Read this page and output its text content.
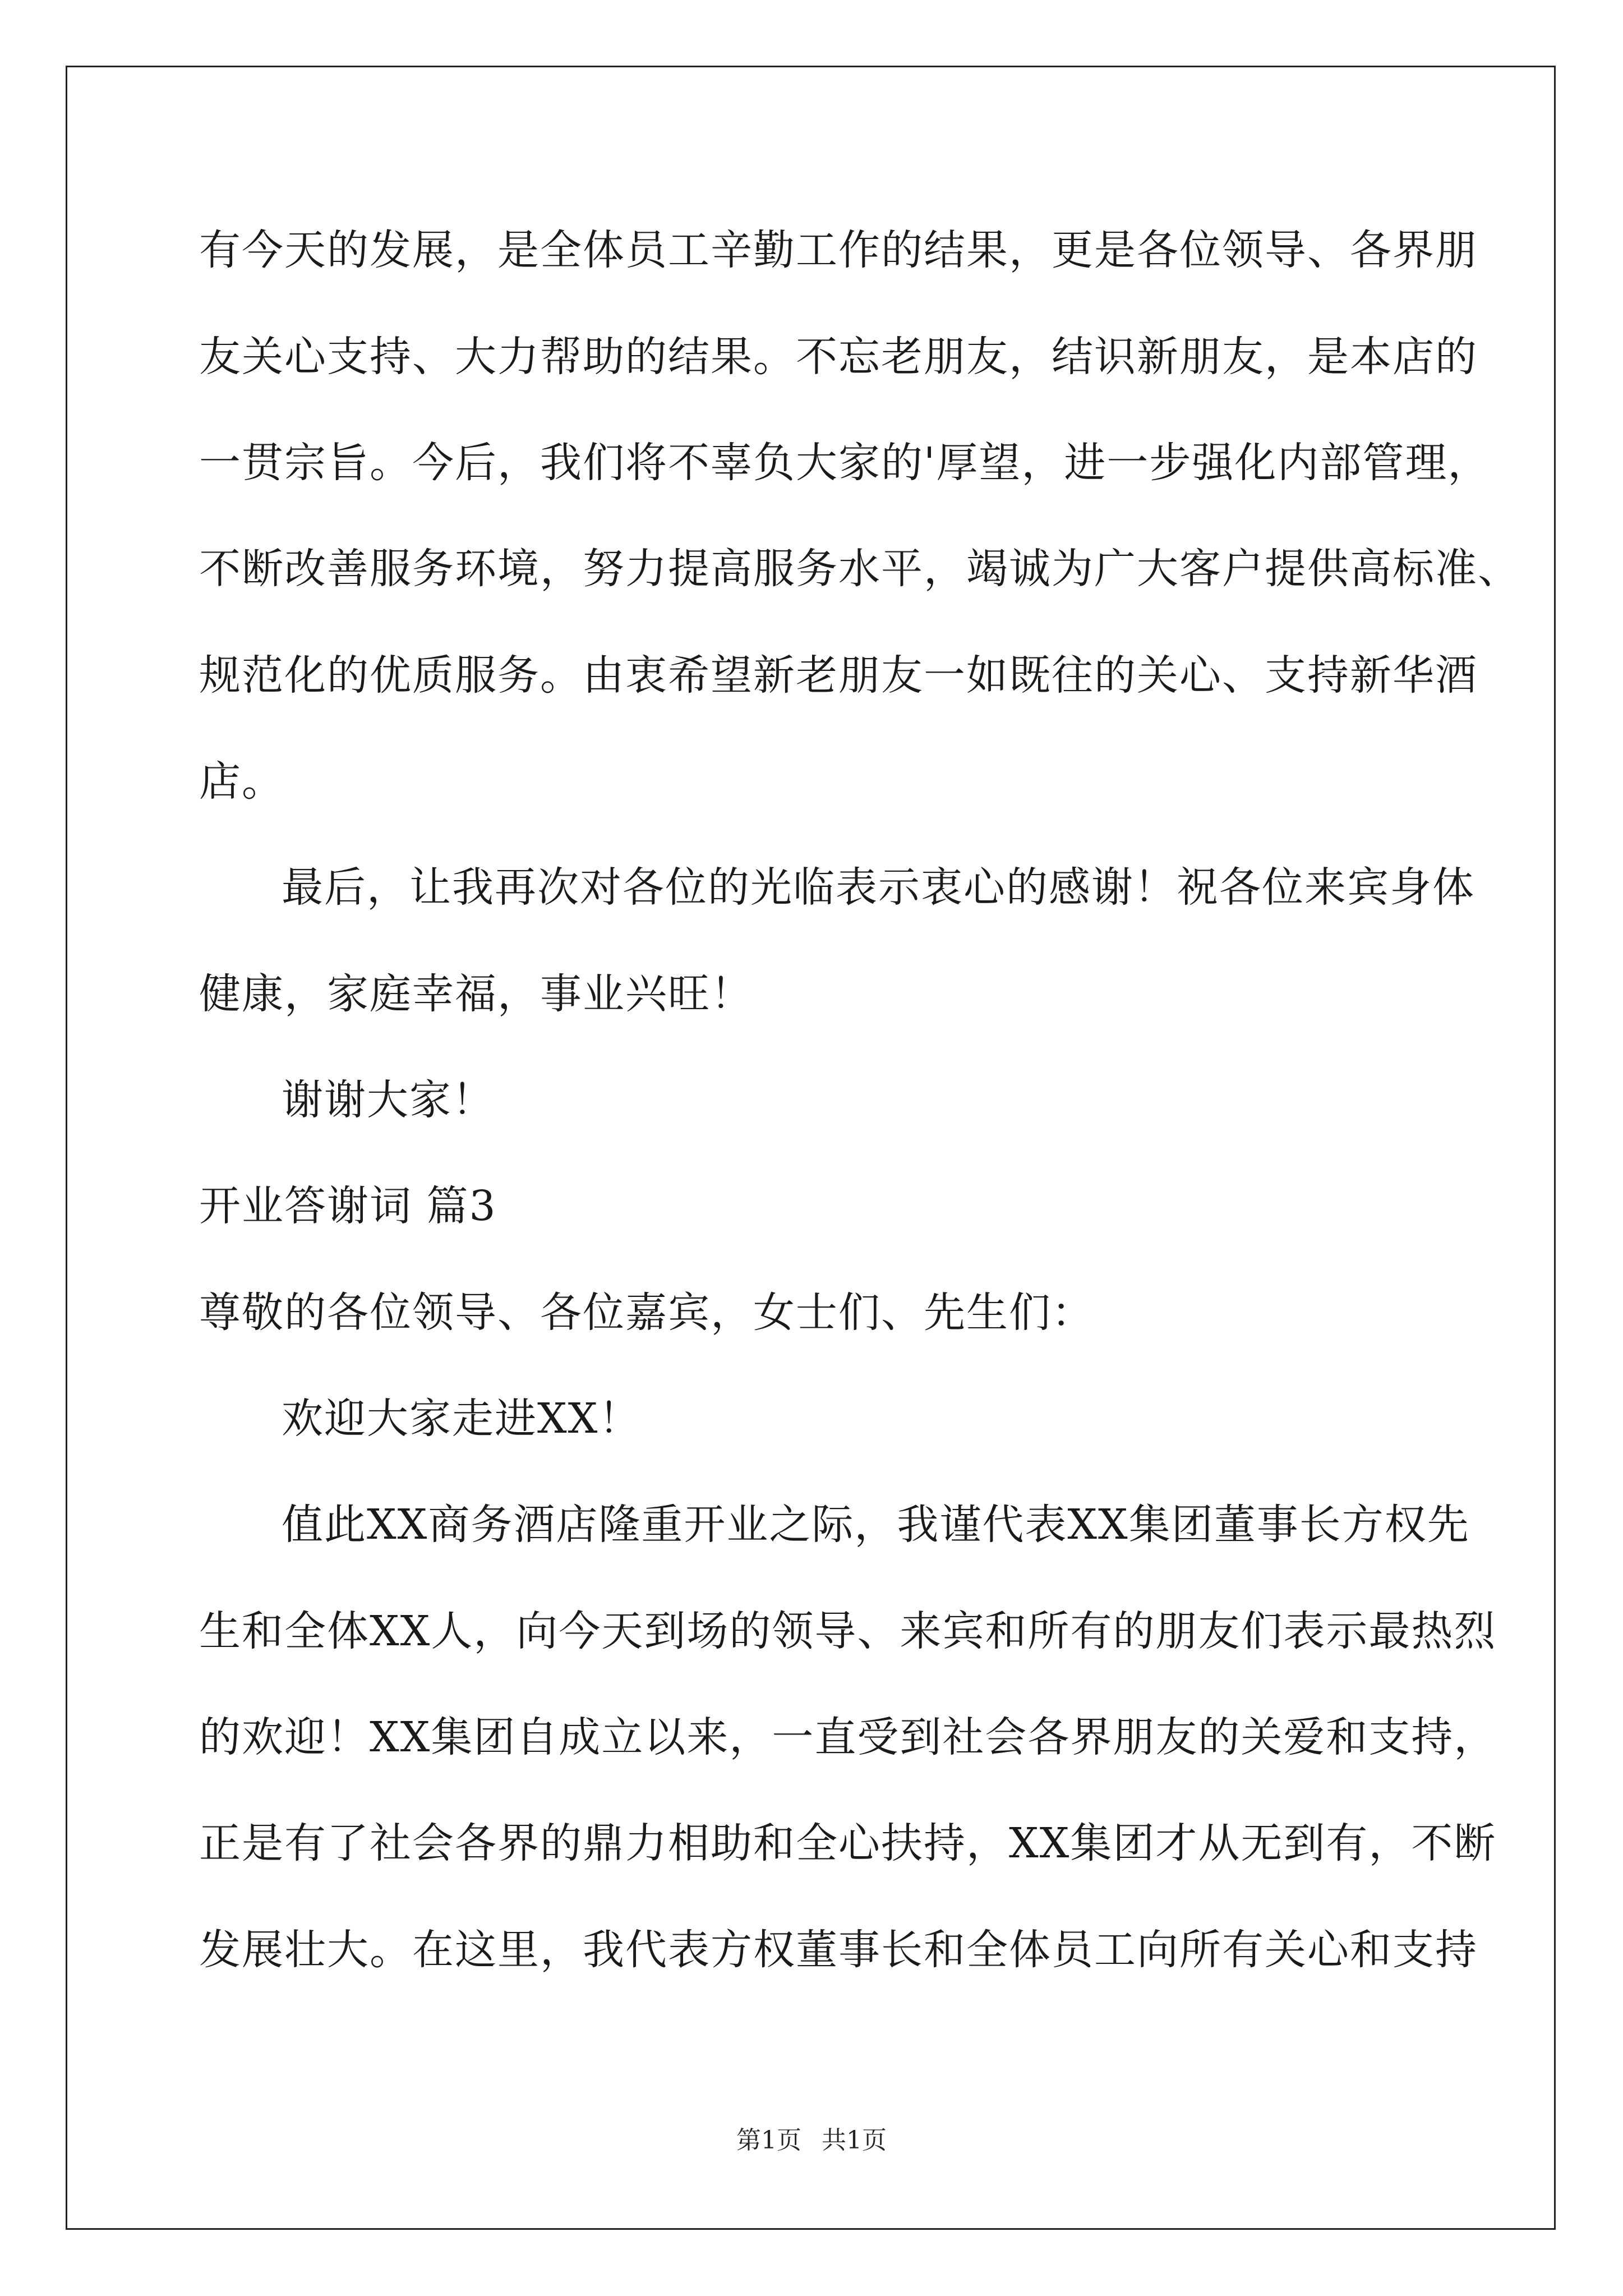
有今天的发展，是全体员工辛勤工作的结果，更是各位领导、各界朋
友关心支持、大力帮助的结果。不忘老朋友，结识新朋友，是本店的
一贯宗旨。今后，我们将不辜负大家的'厚望，进一步强化内部管理，
不断改善服务环境，努力提高服务水平，竭诚为广大客户提供高标准、
规范化的优质服务。由衷希望新老朋友一如既往的关心、支持新华酒
店。
最后，让我再次对各位的光临表示衷心的感谢！祝各位来宾身体
健康，家庭幸福，事业兴旺！
谢谢大家！
开业答谢词 篇3
尊敬的各位领导、各位嘉宾，女士们、先生们：
欢迎大家走进XX！
值此XX商务酒店隆重开业之际，我谨代表XX集团董事长方权先
生和全体XX人，向今天到场的领导、来宾和所有的朋友们表示最热烈
的欢迎！XX集团自成立以来，一直受到社会各界朋友的关爱和支持，
正是有了社会各界的鼎力相助和全心扶持，XX集团才从无到有，不断
发展壮大。在这里，我代表方权董事长和全体员工向所有关心和支持
第1页 共1页
